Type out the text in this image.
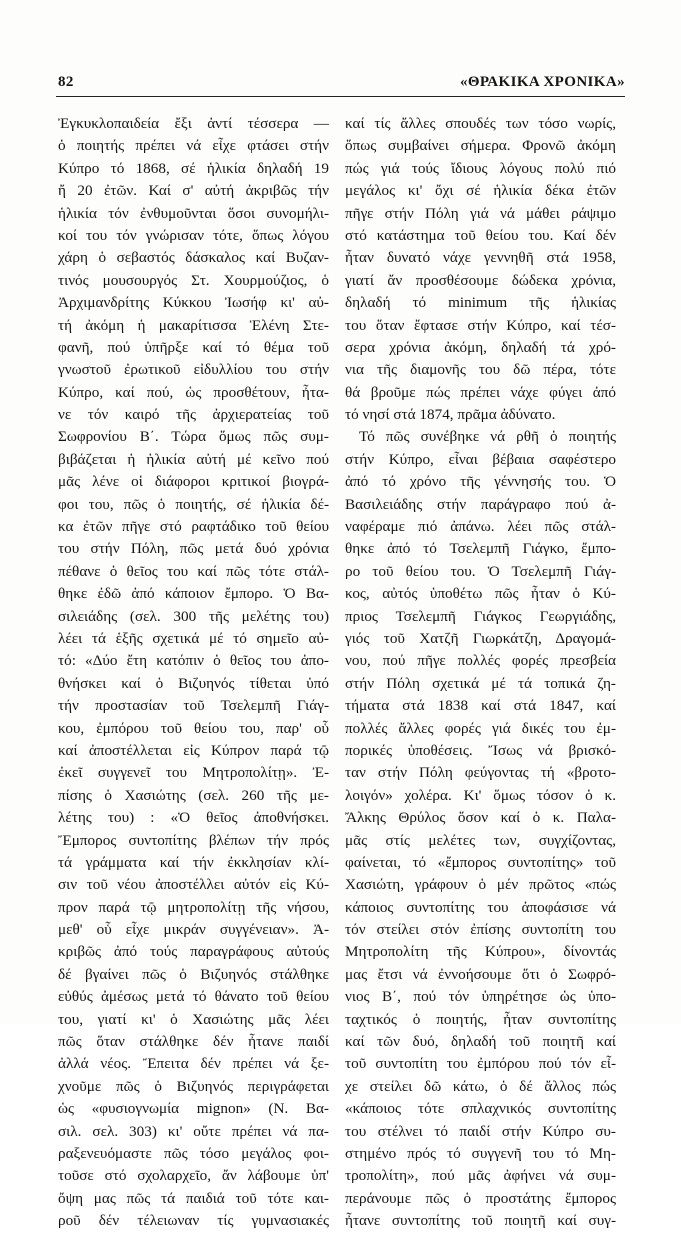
82	«ΘΡΑΚΙΚΑ ΧΡΟΝΙΚΑ»
Ἐγκυκλοπαιδεία ἔξι ἀντί τέσσερα —
ὁ ποιητής πρέπει νά εἶχε φτάσει στήν
Κύπρο τό 1868, σέ ἡλικία δηλαδή 19
ἤ 20 ἐτῶν. Καί σ' αὐτή ἀκριβῶς τήν
ἡλικία τόν ἐνθυμοῦνται ὅσοι συνομήλι-
κοί του τόν γνώρισαν τότε, ὅπως λόγου
χάρη ὁ σεβαστός δάσκαλος καί Βυζαν-
τινός μουσουργός Στ. Χουρμούζιος, ὁ
Ἀρχιμανδρίτης Κύκκου Ἰωσήφ κι' αὐ-
τή ἀκόμη ἡ μακαρίτισσα Ἑλένη Στε-
φανῆ, πού ὑπῆρξε καί τό θέμα τοῦ
γνωστοῦ ἐρωτικοῦ εἰδυλλίου του στήν
Κύπρο, καί πού, ὡς προσθέτουν, ἦτα-
νε τόν καιρό τῆς ἀρχιερατείας τοῦ
Σωφρονίου Β΄. Τώρα ὅμως πῶς συμ-
βιβάζεται ἡ ἡλικία αὐτή μέ κεῖνο πού
μᾶς λένε οἱ διάφοροι κριτικοί βιογρά-
φοι του, πῶς ὁ ποιητής, σέ ἡλικία δέ-
κα ἐτῶν πῆγε στό ραφτάδικο τοῦ θείου
του στήν Πόλη, πῶς μετά δυό χρόνια
πέθανε ὁ θεῖος του καί πῶς τότε στάλ-
θηκε ἐδῶ ἀπό κάποιον ἔμπορο. Ὁ Βα-
σιλειάδης (σελ. 300 τῆς μελέτης του)
λέει τά ἑξῆς σχετικά μέ τό σημεῖο αὐ-
τό: «Δύο ἔτη κατόπιν ὁ θεῖος του ἀπο-
θνήσκει καί ὁ Βιζυηνός τίθεται ὑπό
τήν προστασίαν τοῦ Τσελεμπῆ Γιάγ-
κου, ἐμπόρου τοῦ θείου του, παρ' οὗ
καί ἀποστέλλεται εἰς Κύπρον παρά τῷ
ἐκεῖ συγγενεῖ του Μητροπολίτῃ». Ἐ-
πίσης ὁ Χασιώτης (σελ. 260 τῆς με-
λέτης του) : «Ὁ θεῖος ἀποθνήσκει.
Ἔμπορος συντοπίτης βλέπων τήν πρός
τά γράμματα καί τήν ἐκκλησίαν κλί-
σιν τοῦ νέου ἀποστέλλει αὐτόν εἰς Κύ-
προν παρά τῷ μητροπολίτῃ τῆς νήσου,
μεθ' οὗ εἶχε μικράν συγγένειαν». Ἀ-
κριβῶς ἀπό τούς παραγράφους αὐτούς
δέ βγαίνει πῶς ὁ Βιζυηνός στάλθηκε
εὐθύς ἀμέσως μετά τό θάνατο τοῦ θείου
του, γιατί κι' ὁ Χασιώτης μᾶς λέει
πῶς ὅταν στάλθηκε δέν ἦτανε παιδί
ἀλλά νέος. Ἔπειτα δέν πρέπει νά ξε-
χνοῦμε πῶς ὁ Βιζυηνός περιγράφεται
ὡς «φυσιογνωμία mignon» (Ν. Βα-
σιλ. σελ. 303) κι' οὔτε πρέπει νά πα-
ραξενευόμαστε πῶς τόσο μεγάλος φοι-
τοῦσε στό σχολαρχεῖο, ἄν λάβουμε ὑπ'
ὄψη μας πῶς τά παιδιά τοῦ τότε και-
ροῦ δέν τέλειωναν τίς γυμνασιακές
καί τίς ἄλλες σπουδές των τόσο νωρίς,
ὅπως συμβαίνει σήμερα. Φρονῶ ἀκόμη
πώς γιά τούς ἴδιους λόγους πολύ πιό
μεγάλος κι' ὄχι σέ ἡλικία δέκα ἐτῶν
πῆγε στήν Πόλη γιά νά μάθει ράψιμο
στό κατάστημα τοῦ θείου του. Καί δέν
ἦταν δυνατό νάχε γεννηθῆ στά 1958,
γιατί ἄν προσθέσουμε δώδεκα χρόνια,
δηλαδή τό minimum τῆς ἡλικίας
του ὅταν ἔφτασε στήν Κύπρο, καί τέσ-
σερα χρόνια ἀκόμη, δηλαδή τά χρό-
νια τῆς διαμονῆς του δῶ πέρα, τότε
θά βροῦμε πώς πρέπει νάχε φύγει ἀπό
τό νησί στά 1874, πρᾶμα ἀδύνατο.
Τό πῶς συνέβηκε νά ρθῆ ὁ ποιητής
στήν Κύπρο, εἶναι βέβαια σαφέστερο
ἀπό τό χρόνο τῆς γέννησής του. Ὁ
Βασιλειάδης στήν παράγραφο πού ἀ-
ναφέραμε πιό ἀπάνω. λέει πῶς στάλ-
θηκε ἀπό τό Τσελεμπῆ Γιάγκο, ἔμπο-
ρο τοῦ θείου του. Ὁ Τσελεμπῆ Γιάγ-
κος, αὐτός ὑποθέτω πῶς ἦταν ὁ Κύ-
πριος Τσελεμπῆ Γιάγκος Γεωργιάδης,
γιός τοῦ Χατζῆ Γιωρκάτζη, Δραγομά-
νου, πού πῆγε πολλές φορές πρεσβεία
στήν Πόλη σχετικά μέ τά τοπικά ζη-
τήματα στά 1838 καί στά 1847, καί
πολλές ἄλλες φορές γιά δικές του ἐμ-
πορικές ὑποθέσεις. Ἴσως νά βρισκό-
ταν στήν Πόλη φεύγοντας τή «βροτο-
λοιγόν» χολέρα. Κι' ὅμως τόσον ὁ κ.
Ἄλκης Θρύλος ὅσον καί ὁ κ. Παλα-
μᾶς στίς μελέτες των, συγχίζοντας,
φαίνεται, τό «ἔμπορος συντοπίτης» τοῦ
Χασιώτη, γράφουν ὁ μέν πρῶτος «πώς
κάποιος συντοπίτης του ἀποφάσισε νά
τόν στείλει στόν ἐπίσης συντοπίτη του
Μητροπολίτη τῆς Κύπρου», δίνοντάς
μας ἔτσι νά ἐννοήσουμε ὅτι ὁ Σωφρό-
νιος Β΄, πού τόν ὑπηρέτησε ὡς ὑπο-
ταχτικός ὁ ποιητής, ἦταν συντοπίτης
καί τῶν δυό, δηλαδή τοῦ ποιητῆ καί
τοῦ συντοπίτη του ἐμπόρου πού τόν εἶ-
χε στείλει δῶ κάτω, ὁ δέ ἄλλος πώς
«κάποιος τότε σπλαχνικός συντοπίτης
του στέλνει τό παιδί στήν Κύπρο συ-
στημένο πρός τό συγγενῆ του τό Μη-
τροπολίτη», πού μᾶς ἀφήνει νά συμ-
περάνουμε πῶς ὁ προστάτης ἔμπορος
ἦτανε συντοπίτης τοῦ ποιητῆ καί συγ-
